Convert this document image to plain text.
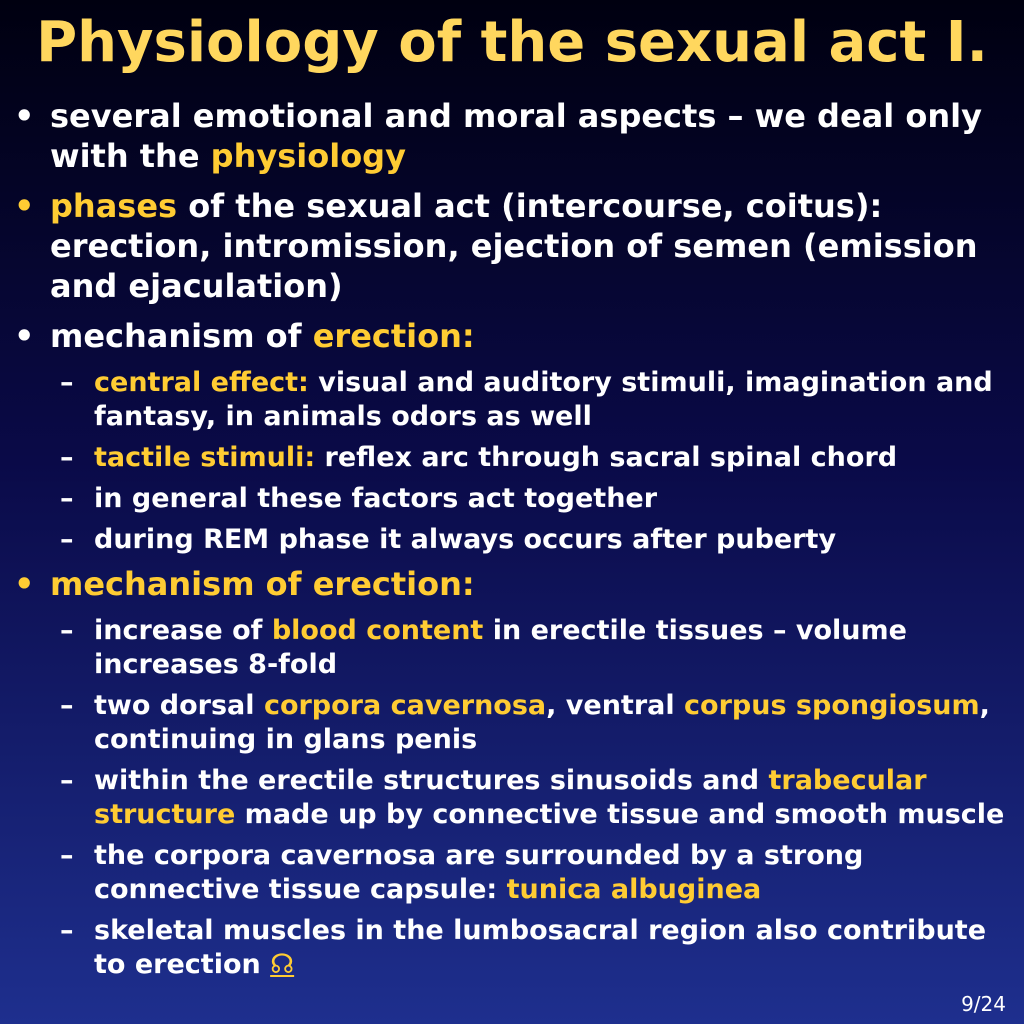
Physiology of the sexual act I.
• several emotional and moral aspects – we deal only with the physiology
• phases of the sexual act (intercourse, coitus): erection, intromission, ejection of semen (emission and ejaculation)
• mechanism of erection:
– central effect: visual and auditory stimuli, imagination and fantasy, in animals odors as well
– tactile stimuli: reflex arc through sacral spinal chord
– in general these factors act together
– during REM phase it always occurs after puberty
• mechanism of erection:
– increase of blood content in erectile tissues – volume increases 8-fold
– two dorsal corpora cavernosa, ventral corpus spongiosum, continuing in glans penis
– within the erectile structures sinusoids and trabecular structure made up by connective tissue and smooth muscle
– the corpora cavernosa are surrounded by a strong connective tissue capsule: tunica albuginea
– skeletal muscles in the lumbosacral region also contribute to erection ☊
9/24
